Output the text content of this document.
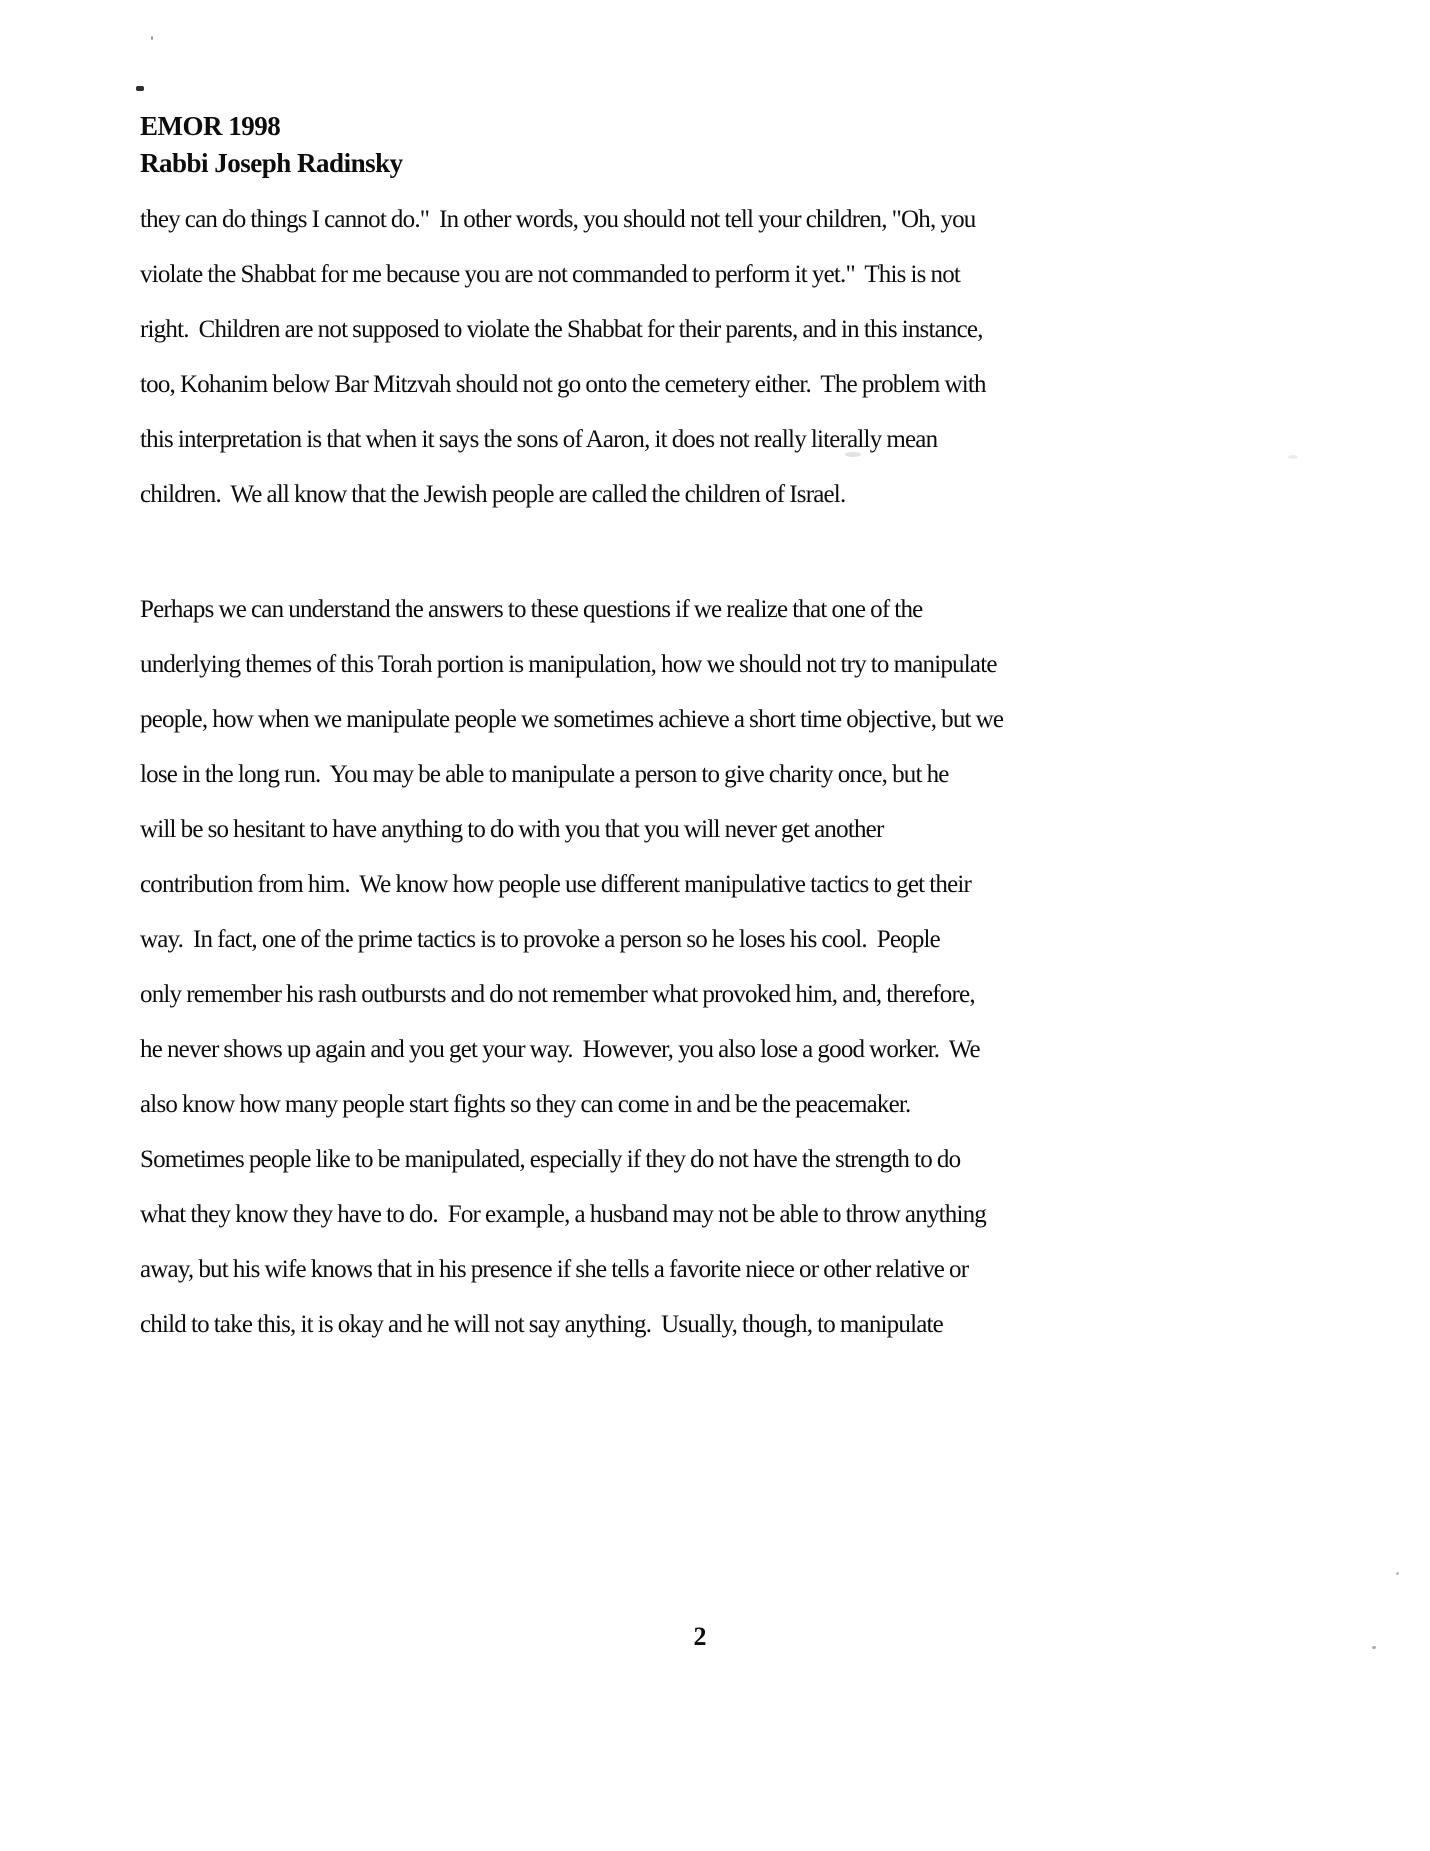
EMOR 1998
Rabbi Joseph Radinsky
they can do things I cannot do."  In other words, you should not tell your children, "Oh, you
violate the Shabbat for me because you are not commanded to perform it yet."  This is not
right.  Children are not supposed to violate the Shabbat for their parents, and in this instance,
too, Kohanim below Bar Mitzvah should not go onto the cemetery either.  The problem with
this interpretation is that when it says the sons of Aaron, it does not really literally mean
children.  We all know that the Jewish people are called the children of Israel.
Perhaps we can understand the answers to these questions if we realize that one of the
underlying themes of this Torah portion is manipulation, how we should not try to manipulate
people, how when we manipulate people we sometimes achieve a short time objective, but we
lose in the long run.  You may be able to manipulate a person to give charity once, but he
will be so hesitant to have anything to do with you that you will never get another
contribution from him.  We know how people use different manipulative tactics to get their
way.  In fact, one of the prime tactics is to provoke a person so he loses his cool.  People
only remember his rash outbursts and do not remember what provoked him, and, therefore,
he never shows up again and you get your way.  However, you also lose a good worker.  We
also know how many people start fights so they can come in and be the peacemaker.
Sometimes people like to be manipulated, especially if they do not have the strength to do
what they know they have to do.  For example, a husband may not be able to throw anything
away, but his wife knows that in his presence if she tells a favorite niece or other relative or
child to take this, it is okay and he will not say anything.  Usually, though, to manipulate
2
